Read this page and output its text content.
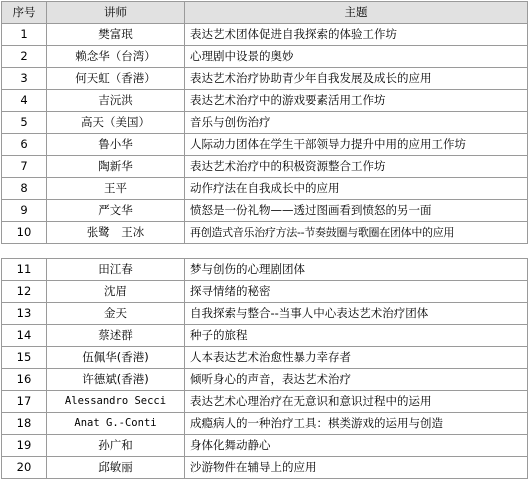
序号	讲师	主题
1	樊富珉	表达艺术团体促进自我探索的体验工作坊
2	赖念华（台湾）	心理剧中设景的奥妙
3	何天虹（香港）	表达艺术治疗协助青少年自我发展及成长的应用
4	吉沅洪	表达艺术治疗中的游戏要素活用工作坊
5	高天（美国）	音乐与创伤治疗
6	鲁小华	人际动力团体在学生干部领导力提升中用的应用工作坊
7	陶新华	表达艺术治疗中的积极资源整合工作坊
8	王平	动作疗法在自我成长中的应用
9	严文华	愤怒是一份礼物——透过图画看到愤怒的另一面
10	张鹭　王冰	再创造式音乐治疗方法--节奏鼓圈与歌圈在团体中的应用
11	田江春	梦与创伤的心理剧团体
12	沈眉	探寻情绪的秘密
13	金天	自我探索与整合--当事人中心表达艺术治疗团体
14	蔡述群	种子的旅程
15	伍佩华(香港)	人本表达艺术治愈性暴力幸存者
16	许德斌(香港)	倾听身心的声音，表达艺术治疗
17	Alessandro Secci	表达艺术心理治疗在无意识和意识过程中的运用
18	Anat G.-Conti	成瘾病人的一种治疗工具：棋类游戏的运用与创造
19	孙广和	身体化舞动静心
20	邱敏丽	沙游物件在辅导上的应用
